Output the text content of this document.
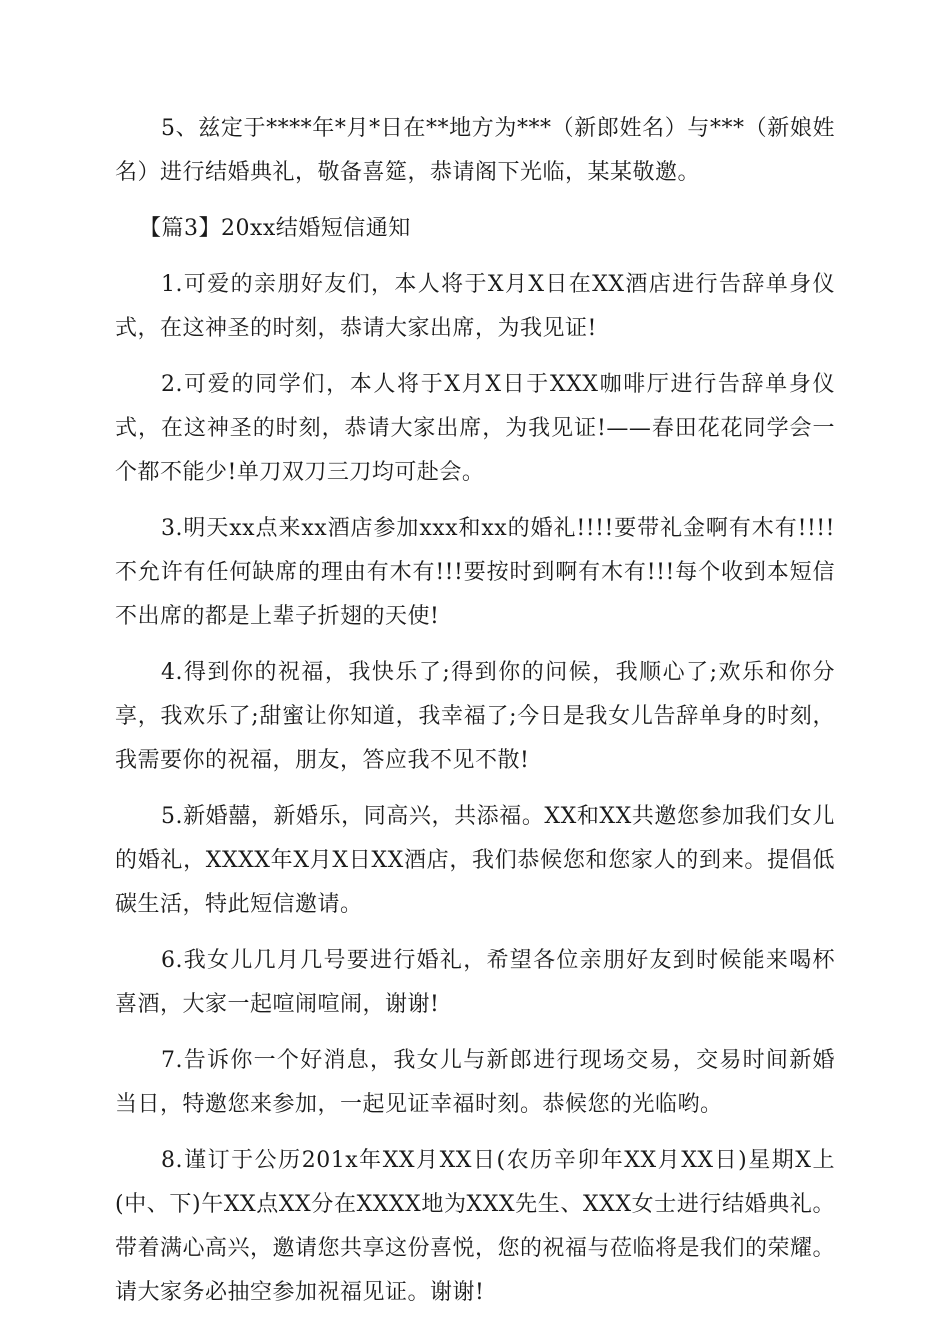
5、兹定于****年*月*日在**地方为***（新郎姓名）与***（新娘姓名）进行结婚典礼，敬备喜筵，恭请阁下光临，某某敬邀。

【篇3】20xx结婚短信通知

1.可爱的亲朋好友们，本人将于X月X日在XX酒店进行告辞单身仪式，在这神圣的时刻，恭请大家出席，为我见证!

2.可爱的同学们，本人将于X月X日于XXX咖啡厅进行告辞单身仪式，在这神圣的时刻，恭请大家出席，为我见证!——春田花花同学会一个都不能少!单刀双刀三刀均可赴会。

3.明天xx点来xx酒店参加xxx和xx的婚礼!!!!要带礼金啊有木有!!!!不允许有任何缺席的理由有木有!!!要按时到啊有木有!!!每个收到本短信不出席的都是上辈子折翅的天使!

4.得到你的祝福，我快乐了;得到你的问候，我顺心了;欢乐和你分享，我欢乐了;甜蜜让你知道，我幸福了;今日是我女儿告辞单身的时刻，我需要你的祝福，朋友，答应我不见不散!

5.新婚囍，新婚乐，同高兴，共添福。XX和XX共邀您参加我们女儿的婚礼，XXXX年X月X日XX酒店，我们恭候您和您家人的到来。提倡低碳生活，特此短信邀请。

6.我女儿几月几号要进行婚礼，希望各位亲朋好友到时候能来喝杯喜酒，大家一起喧闹喧闹，谢谢!

7.告诉你一个好消息，我女儿与新郎进行现场交易，交易时间新婚当日，特邀您来参加，一起见证幸福时刻。恭候您的光临哟。

8.谨订于公历201x年XX月XX日(农历辛卯年XX月XX日)星期X上(中、下)午XX点XX分在XXXX地为XXX先生、XXX女士进行结婚典礼。带着满心高兴，邀请您共享这份喜悦，您的祝福与莅临将是我们的荣耀。请大家务必抽空参加祝福见证。谢谢!
